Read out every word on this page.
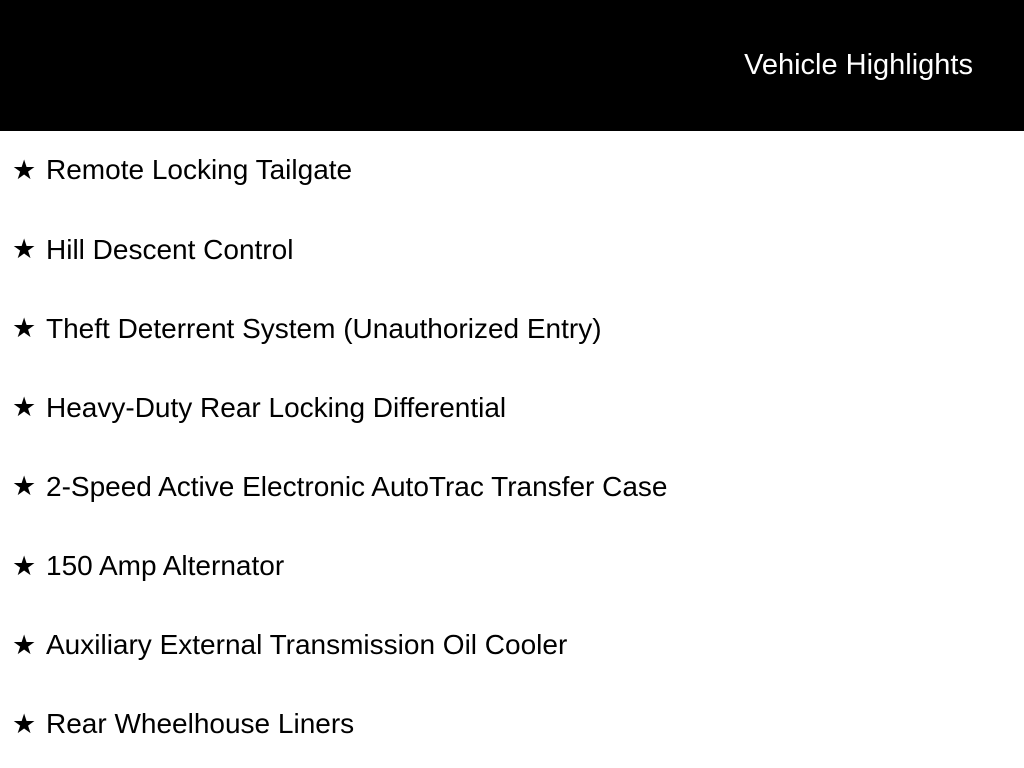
Vehicle Highlights
★ Remote Locking Tailgate
★ Hill Descent Control
★ Theft Deterrent System (Unauthorized Entry)
★ Heavy-Duty Rear Locking Differential
★ 2-Speed Active Electronic AutoTrac Transfer Case
★ 150 Amp Alternator
★ Auxiliary External Transmission Oil Cooler
★ Rear Wheelhouse Liners
